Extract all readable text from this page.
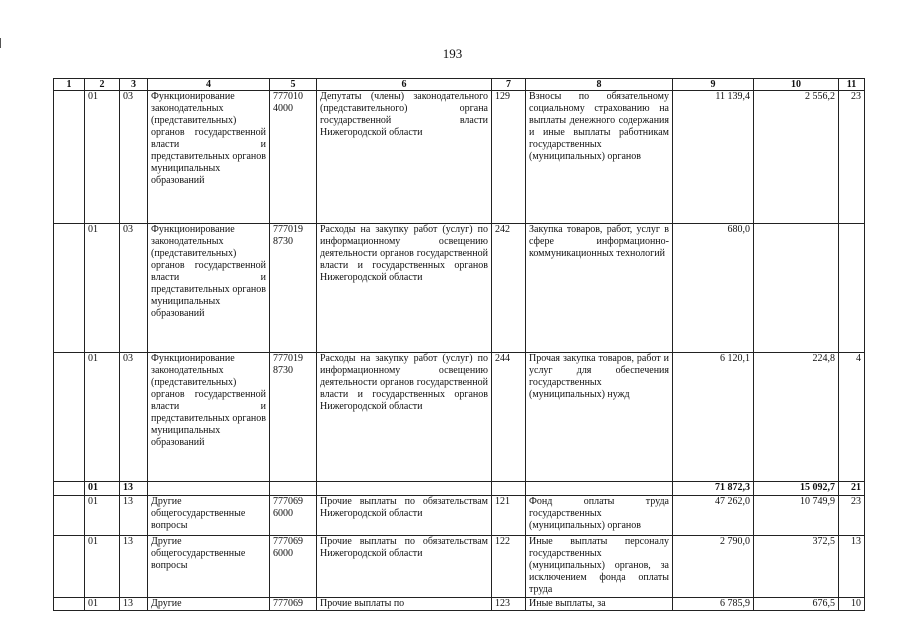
193
1	2	3	4	5	6	7	8	9	10	11
	01	03	Функционирование законодательных (представительных) органов государственной власти и представительных органов муниципальных образований	777010 4000	Депутаты (члены) законодательного (представительного) органа государственной власти Нижегородской области	129	Взносы по обязательному социальному страхованию на выплаты денежного содержания и иные выплаты работникам государственных (муниципальных) органов	11 139,4	2 556,2	23
	01	03	Функционирование законодательных (представительных) органов государственной власти и представительных органов муниципальных образований	777019 8730	Расходы на закупку работ (услуг) по информационному освещению деятельности органов государственной власти и государственных органов Нижегородской области	242	Закупка товаров, работ, услуг в сфере информационно-коммуникационных технологий	680,0		
	01	03	Функционирование законодательных (представительных) органов государственной власти и представительных органов муниципальных образований	777019 8730	Расходы на закупку работ (услуг) по информационному освещению деятельности органов государственной власти и государственных органов Нижегородской области	244	Прочая закупка товаров, работ и услуг для обеспечения государственных (муниципальных) нужд	6 120,1	224,8	4
	01	13						71 872,3	15 092,7	21
	01	13	Другие общегосударственные вопросы	777069 6000	Прочие выплаты по обязательствам Нижегородской области	121	Фонд оплаты труда государственных (муниципальных) органов	47 262,0	10 749,9	23
	01	13	Другие общегосударственные вопросы	777069 6000	Прочие выплаты по обязательствам Нижегородской области	122	Иные выплаты персоналу государственных (муниципальных) органов, за исключением фонда оплаты труда	2 790,0	372,5	13
	01	13	Другие	777069	Прочие выплаты по	123	Иные выплаты, за	6 785,9	676,5	10
